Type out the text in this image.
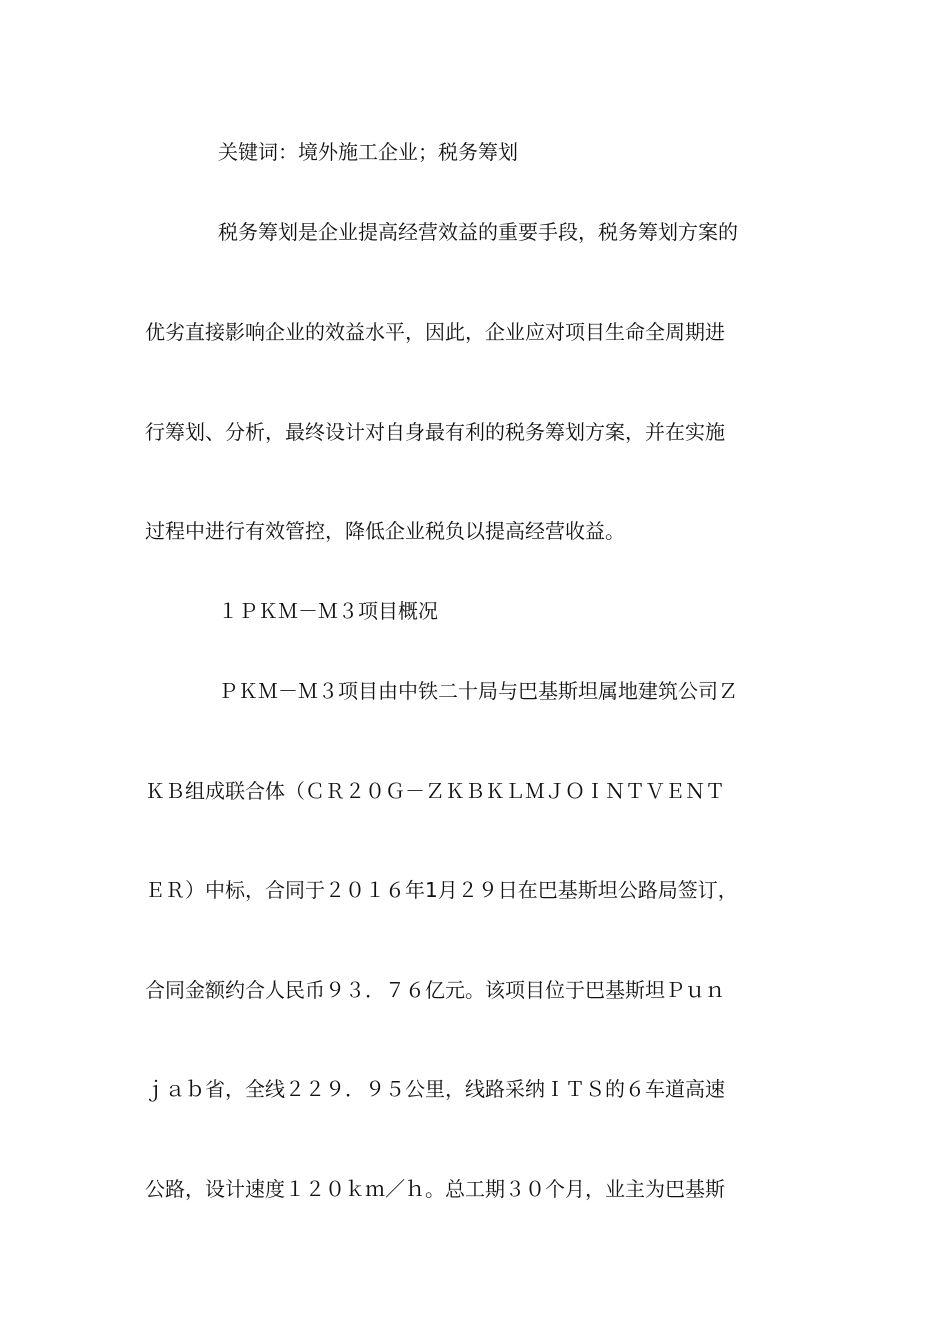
关键词：境外施工企业；税务筹划
税务筹划是企业提高经营效益的重要手段，税务筹划方案的
优劣直接影响企业的效益水平，因此，企业应对项目生命全周期进
行筹划、分析，最终设计对自身最有利的税务筹划方案，并在实施
过程中进行有效管控，降低企业税负以提高经营收益。
１ＰＫＭ－Ｍ３项目概况
ＰＫＭ－Ｍ３项目由中铁二十局与巴基斯坦属地建筑公司Ｚ
ＫＢ组成联合体（ＣＲ２０Ｇ－ＺＫＢＫＬＭＪＯＩＮＴＶＥＮＴ
ＥＲ）中标，合同于２０１６年1月２９日在巴基斯坦公路局签订，
合同金额约合人民币９３．７６亿元。该项目位于巴基斯坦Ｐｕｎ
ｊａｂ省，全线２２９．９５公里，线路采纳ＩＴＳ的６车道高速
公路，设计速度１２０ｋｍ／ｈ。总工期３０个月，业主为巴基斯
